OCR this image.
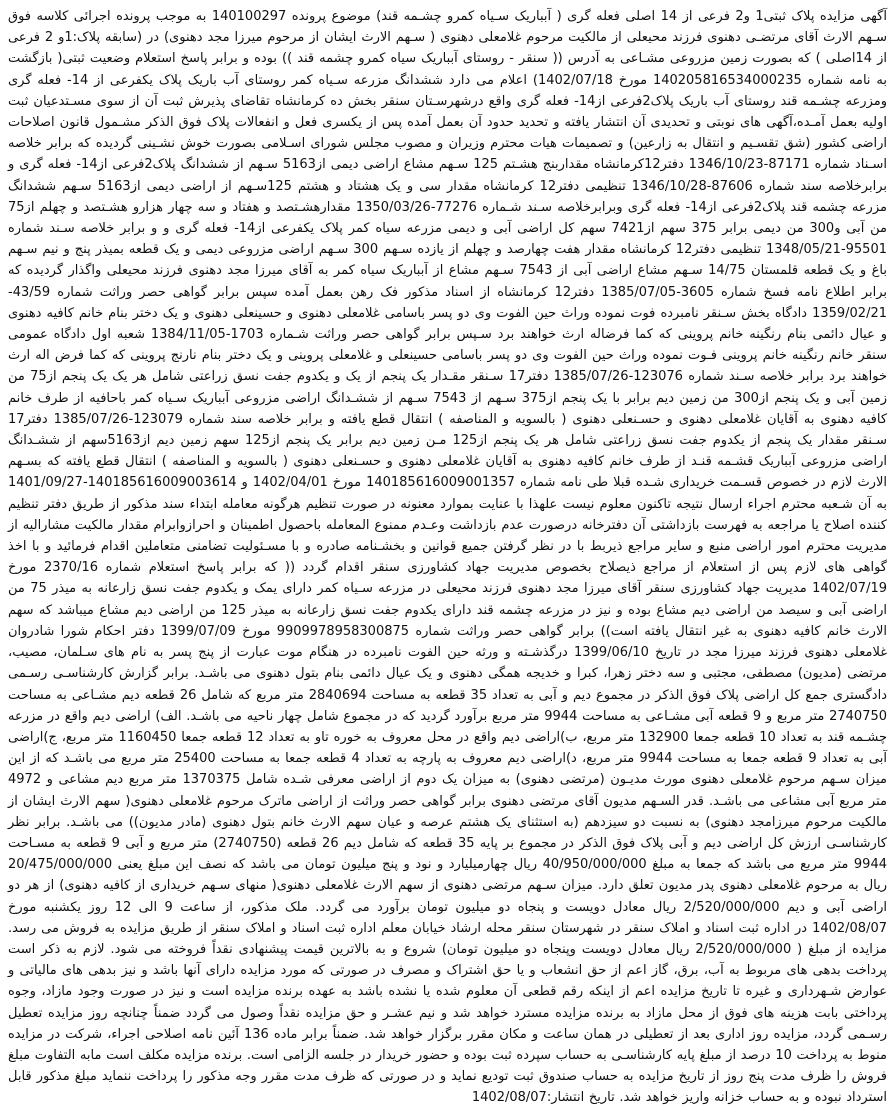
آگهی مزایده پلاک ثبتی1 و2 فرعی از 14 اصلی فعله گری ( آبباریک سـیاه کمرو چشـمه قند) موضوع پرونده 140100297 به موجب پرونده اجرائی کلاسه فوق سـهم الارث آقای مرتضـی دهنوی فرزند محیعلی از مالکیت مرحوم غلامعلی دهنوی ( سـهم الارث ایشان از مرحوم میرزا مجد دهنوی) در (سابقه پلاک:1و 2 فرعی از 14اصلی ) که بصورت زمین مزروعی مشـاعی به آدرس (( سنقر - روستای آبباریک سیاه کمرو چشمه قند )) بوده و برابر پاسخ استعلام وضعیت ثبتی( بازگشت به نامه شماره 140205816534000235 مورخ 1402/07/18) اعلام می دارد ششدانگ مزرعه سـیاه کمر روستای آب باریک پلاک یکفرعی از 14- فعله گری ومزرعه چشـمه قند روستای آب باریک پلاک2فرعی از14- فعله گری واقع درشهرسـتان سنقر بخش ده کرمانشاه تقاضای پذیرش ثبت آن از سوی مسـتدعیان ثبت اولیه بعمل آمـده،آگهی های نوبتی و تحدیدی آن انتشار یافته و تحدید حدود آن بعمل آمده پس از یکسری فعل و انفعالات پلاک فوق الذکر مشـمول قانون اصلاحات اراضی کشور (شق تقسـیم و انتقال به زارعین) و تصمیمات هیات محترم وزیران و مصوب مجلس شورای اسـلامی بصورت خوش نشـینی گردیده که برابر خلاصه اسـناد شماره 87171-1346/10/23 دفتر12کرمانشاه مقداربنج هشـتم 125 سـهم مشاع اراضی دیمی از5163 سـهم از ششدانگ پلاک2فرعی از14- فعله گری و برابرخلاصه سند شماره 87606-1346/10/28 تنظیمی دفتر12 کرمانشاه مقدار سی و یک هشتاد و هشتم 125سـهم از اراضی دیمی از5163 سـهم ششدانگ مزرعه چشمه قند پلاک2فرعی از14- فعله گری وبرابرخلاصه سـند شـماره 77276-1350/03/26 مقدارهشـتصد و هفتاد و سه چهار هزارو هشـتصد و چهلم از75 من آبی و300 من دیمی برابر 375 سهم از7421 سهم کل اراضی آبی و دیمی مزرعه سیاه کمر پلاک یکفرعی از14- فعله گری و و برابر خلاصه سـند شماره 95501-1348/05/21 تنظیمی دفتر12 کرمانشاه مقدار هفت چهارصد و چهلم از یازده سـهم 300 سـهم اراضی مزروعی دیمی و یک قطعه بمیذر پنج و نیم سـهم باغ و یک قطعه قلمستان 14/75 سـهم مشاع اراضی آبی از 7543 سـهم مشاع از آبباریک سیاه کمر به آقای میرزا مجد دهنوی فرزند محیعلی واگذار گردیده که برابر اطلاع نامه فسخ شماره 3605-1385/07/05 دفتر12 کرمانشاه از اسناد مذکور فک رهن بعمل آمده سپس برابر گواهی حصر وراثت شماره 43/59-1359/02/21 دادگاه بخش سـنقر نامبرده فوت نموده وراث حین الفوت وی دو پسر باسامی غلامعلی دهنوی و حسینعلی دهنوی و یک دختر بنام خانم کافیه دهنوی و عیال دائمی بنام رنگینه خانم پروینی که کما فرضاله ارث خواهند برد سـپس برابر گواهی حصر وراثت شـماره 1703-1384/11/05 شعبه اول دادگاه عمومی سنقر خانم رنگینه خانم پروینی فـوت نموده وراث حین الفوت وی دو پسر باسامی حسینعلی و غلامعلی پروینی و یک دختر بنام نارنج پروینی که کما فرض اله ارث خواهند برد برابر خلاصه سـند شماره 123076-1385/07/26 دفتر17 سـنقر مقـدار یک پنجم از یک و یکدوم جفت نسق زراعتی شامل هر یک یک پنجم از75 من زمین آبی و یک پنجم از300 من زمین دیم برابر با یک پنجم از375 سـهم از 7543 سـهم از ششـدانگ اراضی مزروعی آبباریک سـیاه کمر باحافیه از طرف خانم کافیه دهنوی به آقایان غلامعلی دهنوی و حسـنعلی دهنوی ( بالسویه و المناصفه ) انتقال قطع یافته و برابر خلاصه سند شماره 123079-1385/07/26 دفتر17 سـنقر مقدار یک پنجم از یکدوم جفت نسق زراعتی شامل هر یک پنجم از125 مـن زمین دیم برابر یک پنجم از125 سهم زمین دیم از5163سهم از ششـدانگ اراضی مزروعی آبباریک قشـمه قنـد از طرف خانم کافیه دهنوی به آقایان غلامعلی دهنوی و حسـنعلی دهنوی ( بالسویه و المناصفه ) انتقال قطع یافته که بسـهم الارث لازم در خصوص قسـمت خریداری شـده قبلا طی نامه شماره 140185616009001357 مورخ 1402/04/01 و 140185616009003614-1401/09/27 به آن شـعبه محترم اجراء ارسال نتیجه تاکنون معلوم نیست علهذا با عنایت بموارد معنونه در صورت تنظیم هرگونه معامله ابتداء سند مذکور از طریق دفتر تنظیم کننده اصلاح یا مراجعه به فهرست بازداشتی آن دفترخانه درصورت عدم بازداشت وعـدم ممنوع المعامله باحصول اطمینان و احرازوابرام مقدار مالکیت مشارالیه از مدیریت محترم امور اراضی منبع و سایر مراجع ذیربط با در نظر گرفتن جمیع قوانین و بخشـنامه صادره و با مسـئولیت تضامنی متعاملین اقدام فرمائید و با اخذ گواهی های لازم پس از استعلام از مراجع ذیصلاح بخصوص مدیریت جهاد کشاورزی سنقر اقدام گردد (( که برابر پاسخ استعلام شماره 2370/16 مورخ 1402/07/19 مدیریت جهاد کشاورزی سنقر آقای میرزا مجد دهنوی فرزند محیعلی در مزرعه سـیاه کمر دارای یمک و یکدوم جفت نسق زارعانه به میذر 75 من اراضی آبی و سیصد من اراضی دیم مشاع بوده و نیز در مزرعه چشمه قند دارای یکدوم جفت نسق زارعانه به میذر 125 من اراضی دیم مشاع میباشد که سهم الارث خانم کافیه دهنوی به غیر انتقال یافته است)) برابر گواهی حصر وراثت شماره 9909978958300875 مورخ 1399/07/09 دفتر احکام شورا شادروان غلامعلی دهنوی فرزند میرزا مجد در تاریخ 1399/06/10 درگذشـته و ورثه حین الفوت نامبرده در هنگام موت عبارت از پنج پسر به نام های سـلمان، مصیب، مرتضی (مدیون) مصطفی، مجتبی و سه دختر زهرا، کبرا و خدیجه همگی دهنوی و یک عیال دائمی بنام بتول دهنوی می باشـد. برابر گزارش کارشناسـی رسـمی دادگستری جمع کل اراضی پلاک فوق الذکر در مجموع دیم و آبی به تعداد 35 قطعه به مساحت 2840694 متر مربع که شامل 26 قطعه دیم مشـاعی به مساحت 2740750 متر مربع و 9 قطعه آبی مشـاعی به مساحت 9944 متر مربع برآورد گردید که در مجموع شامل چهار ناحیه می باشـد. الف) اراضی دیم واقع در مزرعه چشـمه قند به تعداد 10 قطعه جمعا 132900 متر مربع، ب)اراضی دیم واقع در محل معروف به خوره تاو به تعداد 12 قطعه جمعا 1160450 متر مربع، ج)اراضی آبی به تعداد 9 قطعه جمعا به مساحت 9944 متر مربع، د)اراضی دیم معروف به پارچه به تعداد 4 قطعه جمعا به مساحت 25400 متر مربع می باشـد که از این میزان سـهم مرحوم غلامعلی دهنوی مورث مدیـون (مرتضی دهنوی) به میزان یک دوم از اراضی معرفی شـده شامل 1370375 متر مربع دیم مشاعی و 4972 متر مربع آبی مشاعی می باشـد. قدر السـهم مدیون آقای مرتضی دهنوی برابر گواهی حصر وراثت از اراضی ماترک مرحوم غلامعلی دهنوی( سهم الارث ایشان از مالکیت مرحوم میرزامجد دهنوی) به نسبت دو سیزدهم (به استثنای یک هشتم عرصه و عیان سهم الارث خانم بتول دهنوی (مادر مدیون)) می باشـد. برابر نظر کارشناسـی ارزش کل اراضی دیم و آبی پلاک فوق الذکر در مجموع بر پایه 35 قطعه که شامل دیم 26 قطعه (2740750) متر مربع و آبی 9 قطعه به مسـاحت 9944 متر مربع می باشد که جمعا به مبلغ 40/950/000/000 ریال چهارمیلیارد و نود و پنج میلیون تومان می باشد که نصف این مبلغ یعنی 20/475/000/000 ریال به مرحوم غلامعلی دهنوی پدر مدیون تعلق دارد. میزان سـهم مرتضی دهنوی از سهم الارث غلامعلی دهنوی( منهای سـهم خریداری از کافیه دهنوی) از هر دو اراضی آبی و دیم 2/520/000/000 ریال معادل دویست و پنجاه دو میلیون تومان برآورد می گردد. ملک مذکور، از ساعت 9 الی 12 روز یکشنبه مورخ 1402/08/07 در اداره ثبت اسناد و املاک سنقر در شهرستان سنقر محله ارشاد خیابان معلم اداره ثبت اسناد و املاک سنقر از طریق مزایده به فروش می رسد. مزایده از مبلغ ( 2/520/000/000 ریال معادل دویست وپنجاه دو میلیون تومان) شروع و به بالاترین قیمت پیشنهادی نقداً فروخته می شود. لازم به ذکر است پرداخت بدهی های مربوط به آب، برق، گاز اعم از حق انشعاب و یا حق اشتراک و مصرف در صورتی که مورد مزایده دارای آنها باشد و نیز بدهی های مالیاتی و عوارض شـهرداری و غیره تا تاریخ مزایده اعم از اینکه رقم قطعی آن معلوم شده یا نشده باشد به عهده برنده مزایده است و نیز در صورت وجود مازاد، وجوه پرداختی بابت هزینه های فوق از محل مازاد به برنده مزایده مسترد خواهد شد و نیم عشـر و حق مزایده نقداً وصول می گردد ضمناً چنانچه روز مزایده تعطیل رسـمی گردد، مزایده روز اداری بعد از تعطیلی در همان ساعت و مکان مقرر برگزار خواهد شد. ضمناً برابر ماده 136 آئین نامه اصلاحی اجراء، شرکت در مزایده منوط به پرداخت 10 درصد از مبلغ پایه کارشناسـی به حساب سپرده ثبت بوده و حضور خریدار در جلسه الزامی است. برنده مزایده مکلف است مابه التفاوت مبلغ فروش را ظرف مدت پنج روز از تاریخ مزایده به حساب صندوق ثبت تودیع نماید و در صورتی که ظرف مدت مقرر وجه مذکور را پرداخت ننماید مبلغ مذکور قابل استرداد نبوده و به حساب خزانه واریز خواهد شد. تاریخ انتشار:1402/08/07
